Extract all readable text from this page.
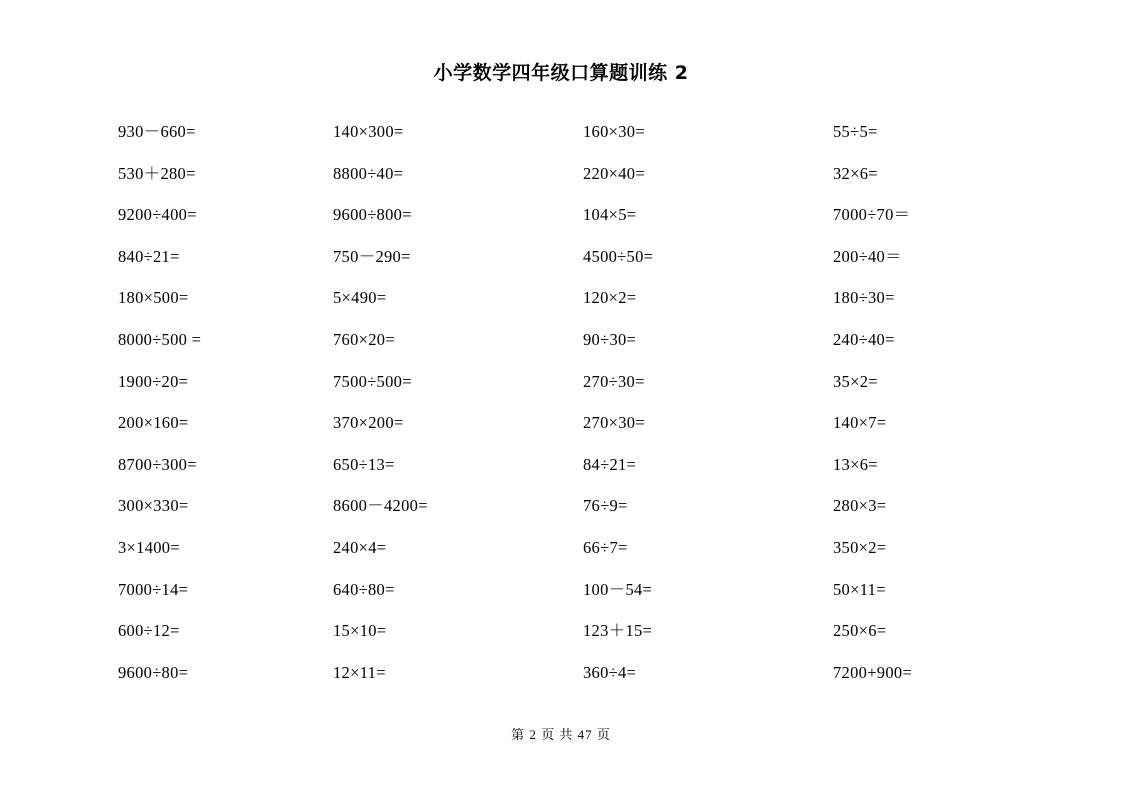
小学数学四年级口算题训练 2
930－660=	140×300=	160×30=	55÷5=
530＋280=	8800÷40=	220×40=	32×6=
9200÷400=	9600÷800=	104×5=	7000÷70＝
840÷21=	750－290=	4500÷50=	200÷40＝
180×500=	5×490=	120×2=	180÷30=
8000÷500 =	760×20=	90÷30=	240÷40=
1900÷20=	7500÷500=	270÷30=	35×2=
200×160=	370×200=	270×30=	140×7=
8700÷300=	650÷13=	84÷21=	13×6=
300×330=	8600－4200=	76÷9=	280×3=
3×1400=	240×4=	66÷7=	350×2=
7000÷14=	640÷80=	100－54=	50×11=
600÷12=	15×10=	123＋15=	250×6=
9600÷80=	12×11=	360÷4=	7200+900=
第 2 页 共 47 页
